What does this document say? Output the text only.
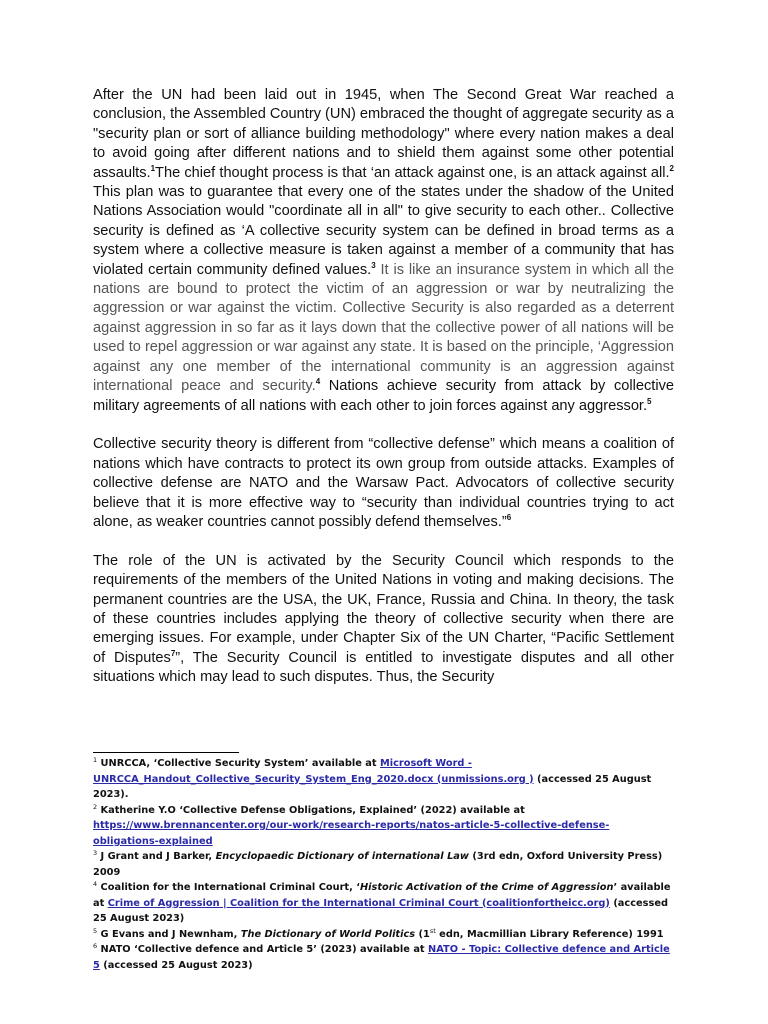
After the UN had been laid out in 1945, when The Second Great War reached a conclusion, the Assembled Country (UN) embraced the thought of aggregate security as a "security plan or sort of alliance building methodology" where every nation makes a deal to avoid going after different nations and to shield them against some other potential assaults.$^1$The chief thought process is that ‘an attack against one, is an attack against all.$^2$ This plan was to guarantee that every one of the states under the shadow of the United Nations Association would "coordinate all in all" to give security to each other.. Collective security is defined as ‘A collective security system can be defined in broad terms as a system where a collective measure is taken against a member of a community that has violated certain community defined values.$^3$ It is like an insurance system in which all the nations are bound to protect the victim of an aggression or war by neutralizing the aggression or war against the victim. Collective Security is also regarded as a deterrent against aggression in so far as it lays down that the collective power of all nations will be used to repel aggression or war against any state. It is based on the principle, ‘Aggression against any one member of the international community is an aggression against international peace and security.$^4$ Nations achieve security from attack by collective military agreements of all nations with each other to join forces against any aggressor.$^5$

Collective security theory is different from “collective defense” which means a coalition of nations which have contracts to protect its own group from outside attacks. Examples of collective defense are NATO and the Warsaw Pact. Advocators of collective security believe that it is more effective way to “security than individual countries trying to act alone, as weaker countries cannot possibly defend themselves.”$^6$

The role of the UN is activated by the Security Council which responds to the requirements of the members of the United Nations in voting and making decisions. The permanent countries are the USA, the UK, France, Russia and China. In theory, the task of these countries includes applying the theory of collective security when there are emerging issues. For example, under Chapter Six of the UN Charter, “Pacific Settlement of Disputes$^7$”, The Security Council is entitled to investigate disputes and all other situations which may lead to such disputes. Thus, the Security

$^1$ UNRCCA, ‘Collective Security System’ available at Microsoft Word - UNRCCA_Handout_Collective_Security_System_Eng_2020.docx (unmissions.org ) (accessed 25 August 2023).

$^2$ Katherine Y.O ‘Collective Defense Obligations, Explained’ (2022) available at https://www.brennancenter.org/our-work/research-reports/natos-article-5-collective-defense-obligations-explained

$^3$ J Grant and J Barker, Encyclopaedic Dictionary of international Law (3rd edn, Oxford University Press) 2009

$^4$ Coalition for the International Criminal Court, ‘Historic Activation of the Crime of Aggression’ available at Crime of Aggression | Coalition for the International Criminal Court (coalitionfortheicc.org) (accessed 25 August 2023)

$^5$ G Evans and J Newnham, The Dictionary of World Politics (1st edn, Macmillian Library Reference) 1991

$^6$ NATO ‘Collective defence and Article 5’ (2023) available at NATO - Topic: Collective defence and Article 5 (accessed 25 August 2023)
